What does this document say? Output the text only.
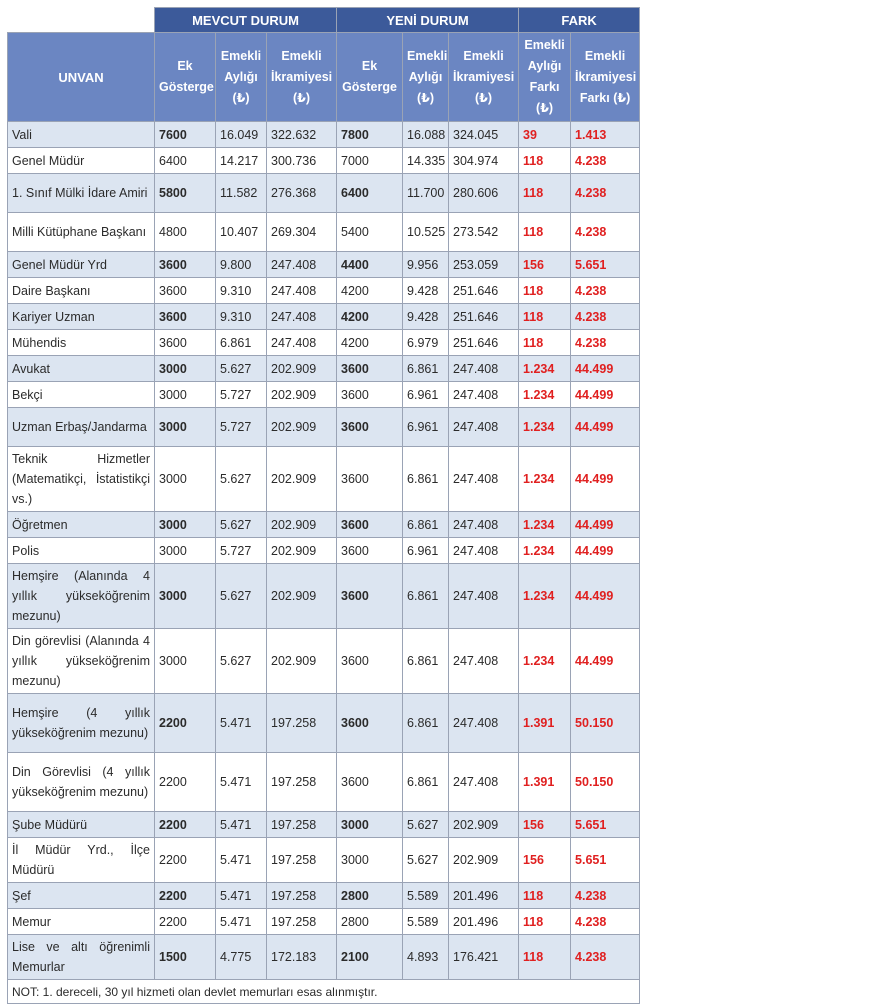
	MEVCUT DURUM			YENİ DURUM			FARK	
UNVAN	Ek Gösterge	Emekli Aylığı (₺)	Emekli İkramiyesi (₺)	Ek Gösterge	Emekli Aylığı (₺)	Emekli İkramiyesi (₺)	Emekli Aylığı Farkı (₺)	Emekli İkramiyesi Farkı (₺)
Vali	7600	16.049	322.632	7800	16.088	324.045	39	1.413
Genel Müdür	6400	14.217	300.736	7000	14.335	304.974	118	4.238
1. Sınıf Mülki İdare Amiri	5800	11.582	276.368	6400	11.700	280.606	118	4.238
Milli Kütüphane Başkanı	4800	10.407	269.304	5400	10.525	273.542	118	4.238
Genel Müdür Yrd	3600	9.800	247.408	4400	9.956	253.059	156	5.651
Daire Başkanı	3600	9.310	247.408	4200	9.428	251.646	118	4.238
Kariyer Uzman	3600	9.310	247.408	4200	9.428	251.646	118	4.238
Mühendis	3600	6.861	247.408	4200	6.979	251.646	118	4.238
Avukat	3000	5.627	202.909	3600	6.861	247.408	1.234	44.499
Bekçi	3000	5.727	202.909	3600	6.961	247.408	1.234	44.499
Uzman Erbaş/Jandarma	3000	5.727	202.909	3600	6.961	247.408	1.234	44.499
Teknik Hizmetler (Matematikçi, İstatistikçi vs.)	3000	5.627	202.909	3600	6.861	247.408	1.234	44.499
Öğretmen	3000	5.627	202.909	3600	6.861	247.408	1.234	44.499
Polis	3000	5.727	202.909	3600	6.961	247.408	1.234	44.499
Hemşire (Alanında 4 yıllık yükseköğrenim mezunu)	3000	5.627	202.909	3600	6.861	247.408	1.234	44.499
Din görevlisi (Alanında 4 yıllık yükseköğrenim mezunu)	3000	5.627	202.909	3600	6.861	247.408	1.234	44.499
Hemşire (4 yıllık yükseköğrenim mezunu)	2200	5.471	197.258	3600	6.861	247.408	1.391	50.150
Din Görevlisi (4 yıllık yükseköğrenim mezunu)	2200	5.471	197.258	3600	6.861	247.408	1.391	50.150
Şube Müdürü	2200	5.471	197.258	3000	5.627	202.909	156	5.651
İl Müdür Yrd., İlçe Müdürü	2200	5.471	197.258	3000	5.627	202.909	156	5.651
Şef	2200	5.471	197.258	2800	5.589	201.496	118	4.238
Memur	2200	5.471	197.258	2800	5.589	201.496	118	4.238
Lise ve altı öğrenimli Memurlar	1500	4.775	172.183	2100	4.893	176.421	118	4.238
NOT: 1. dereceli, 30 yıl hizmeti olan devlet memurları esas alınmıştır.								
